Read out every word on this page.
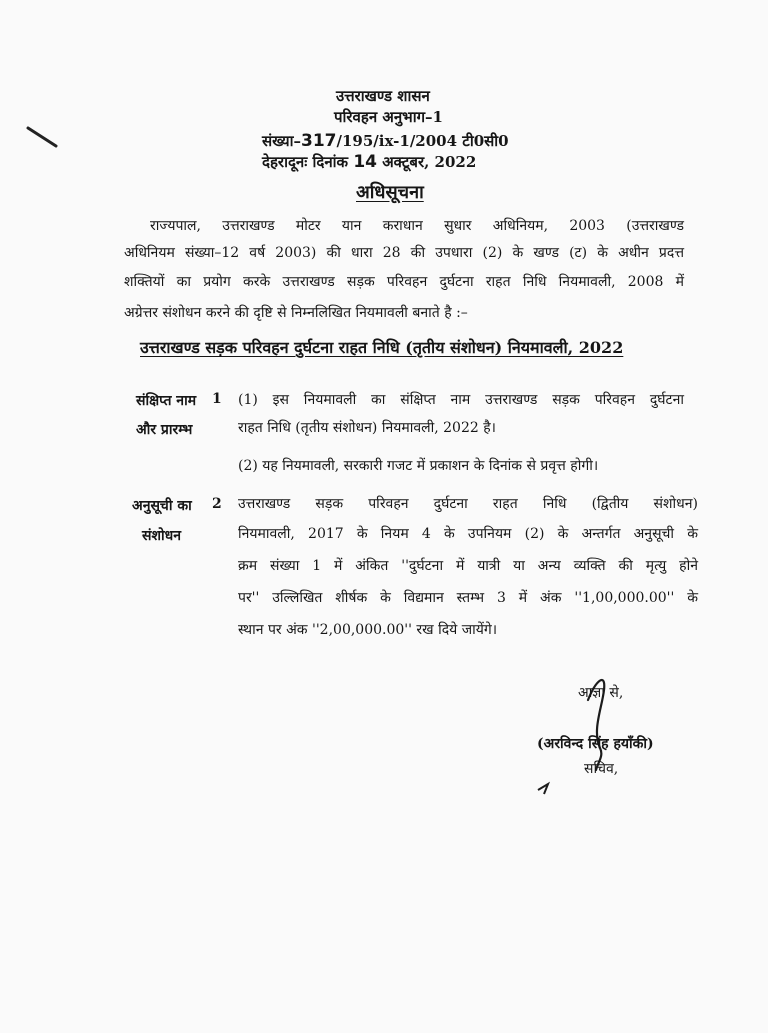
उत्तराखण्ड शासन
परिवहन अनुभाग–1
संख्या–317/195/ix-1/2004 टी0सी0
देहरादूनः दिनांक 14 अक्टूबर, 2022
अधिसूचना
राज्यपाल, उत्तराखण्ड मोटर यान कराधान सुधार अधिनियम, 2003 (उत्तराखण्ड
अधिनियम संख्या–12 वर्ष 2003) की धारा 28 की उपधारा (2) के खण्ड (ट) के अधीन प्रदत्त
शक्तियों का प्रयोग करके उत्तराखण्ड सड़क परिवहन दुर्घटना राहत निधि नियमावली, 2008 में
अग्रेत्तर संशोधन करने की दृष्टि से निम्नलिखित नियमावली बनाते है :–
उत्तराखण्ड सड़क परिवहन दुर्घटना राहत निधि (तृतीय संशोधन) नियमावली, 2022
संक्षिप्त नाम
और प्रारम्भ
1 (1) इस नियमावली का संक्षिप्त नाम उत्तराखण्ड सड़क परिवहन दुर्घटना
राहत निधि (तृतीय संशोधन) नियमावली, 2022 है।
(2) यह नियमावली, सरकारी गजट में प्रकाशन के दिनांक से प्रवृत्त होगी।
अनुसूची का
संशोधन
2 उत्तराखण्ड सड़क परिवहन दुर्घटना राहत निधि (द्वितीय संशोधन)
नियमावली, 2017 के नियम 4 के उपनियम (2) के अन्तर्गत अनुसूची के
क्रम संख्या 1 में अंकित ''दुर्घटना में यात्री या अन्य व्यक्ति की मृत्यु होने
पर'' उल्लिखित शीर्षक के विद्यमान स्तम्भ 3 में अंक ''1,00,000.00'' के
स्थान पर अंक ''2,00,000.00'' रख दिये जायेंगे।
आज्ञा से,
(अरविन्द सिंह हयाँकी)
सचिव,
